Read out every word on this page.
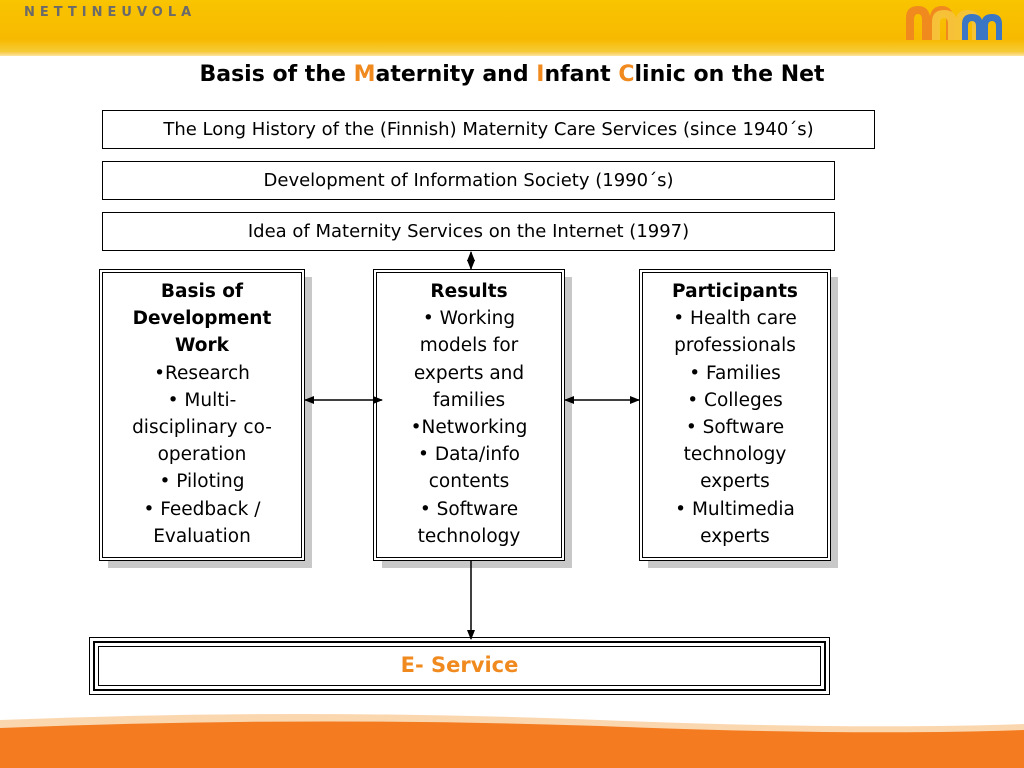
NETTINEUVOLA
Basis of the Maternity and Infant Clinic on the Net
The Long History of the (Finnish) Maternity Care Services (since 1940´s)
Development of Information Society (1990´s)
Idea of Maternity Services on the Internet (1997)
Basis of Development Work
•Research
• Multi-disciplinary co-operation
• Piloting
• Feedback / Evaluation
Results
• Working models for experts and families
•Networking
• Data/info contents
• Software technology
Participants
• Health care professionals
• Families
• Colleges
• Software technology experts
• Multimedia experts
E- Service
